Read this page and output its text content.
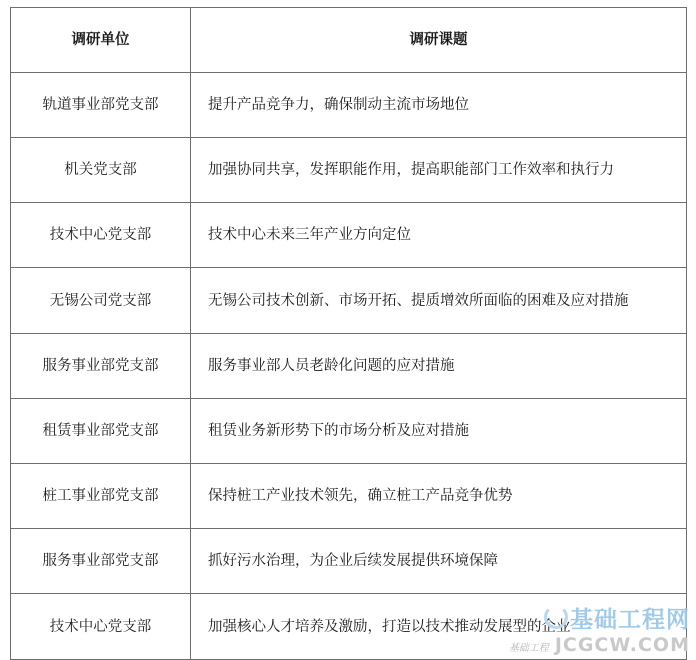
调研单位	调研课题
轨道事业部党支部	提升产品竞争力，确保制动主流市场地位
机关党支部	加强协同共享，发挥职能作用，提高职能部门工作效率和执行力
技术中心党支部	技术中心未来三年产业方向定位
无锡公司党支部	无锡公司技术创新、市场开拓、提质增效所面临的困难及应对措施
服务事业部党支部	服务事业部人员老龄化问题的应对措施
租赁事业部党支部	租赁业务新形势下的市场分析及应对措施
桩工事业部党支部	保持桩工产业技术领先，确立桩工产品竞争优势
服务事业部党支部	抓好污水治理，为企业后续发展提供环境保障
技术中心党支部	加强核心人才培养及激励，打造以技术推动发展型的企业 基础工程网
基础工程 JCGCW.COM
